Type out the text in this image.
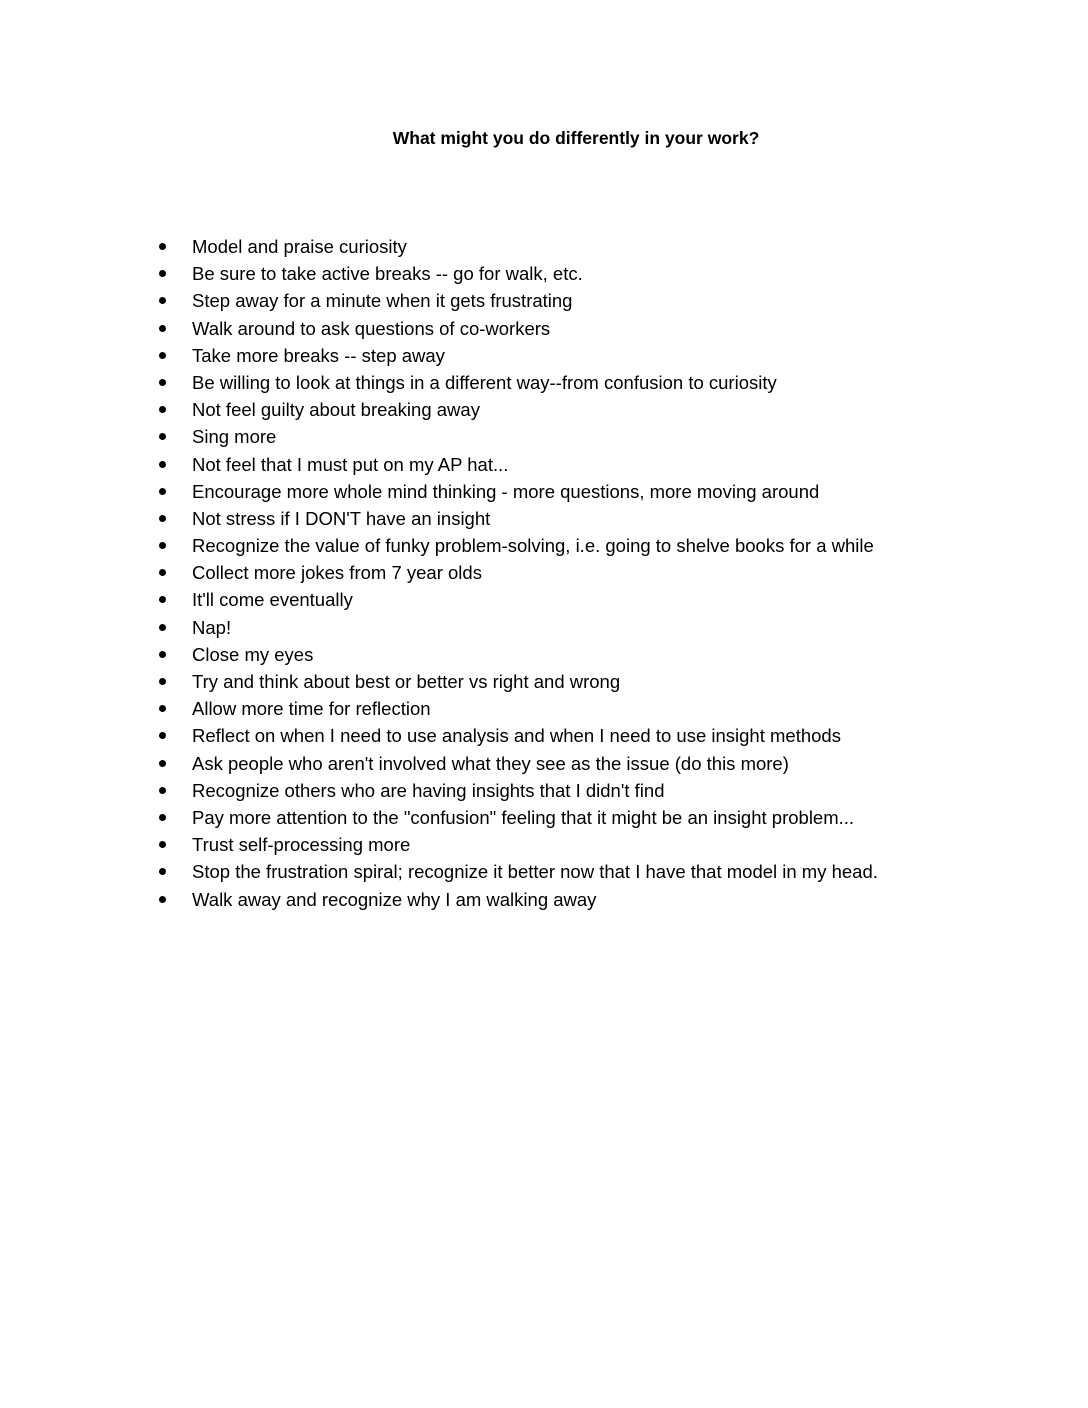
What might you do differently in your work?
Model and praise curiosity
Be sure to take active breaks -- go for walk, etc.
Step away for a minute when it gets frustrating
Walk around to ask questions of co-workers
Take more breaks -- step away
Be willing to look at things in a different way--from confusion to curiosity
Not feel guilty about breaking away
Sing more
Not feel that I must put on my AP hat...
Encourage more whole mind thinking - more questions, more moving around
Not stress if I DON'T have an insight
Recognize the value of funky problem-solving, i.e. going to shelve books for a while
Collect more jokes from 7 year olds
It'll come eventually
Nap!
Close my eyes
Try and think about best or better vs right and wrong
Allow more time for reflection
Reflect on when I need to use analysis and when I need to use insight methods
Ask people who aren't involved what they see as the issue (do this more)
Recognize others who are having insights that I didn't find
Pay more attention to the "confusion" feeling that it might be an insight problem...
Trust self-processing more
Stop the frustration spiral; recognize it better now that I have that model in my head.
Walk away and recognize why I am walking away
